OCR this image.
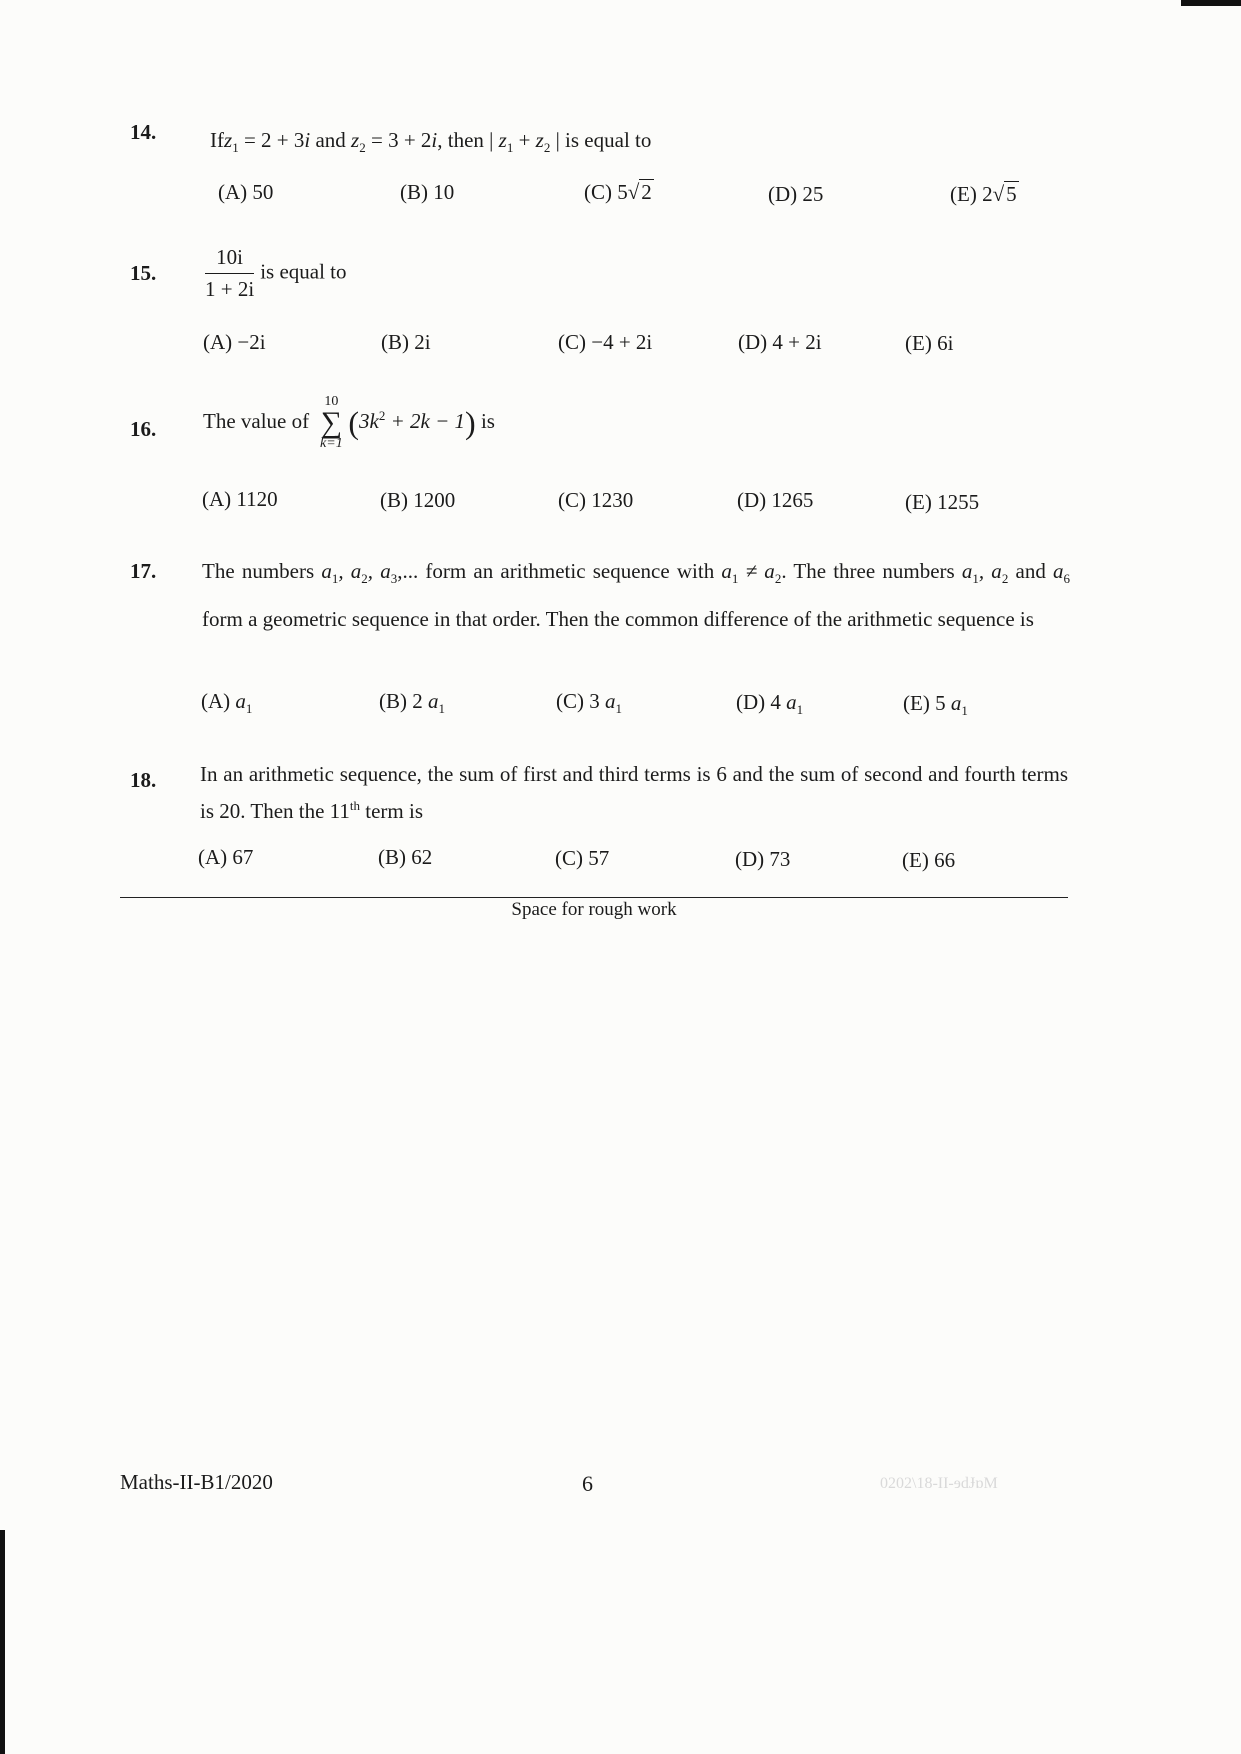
14.	Ifz$_1$ = 2 + 3i and $z_2 = 3 + 2i$, then | $z_1 + z_2$ | is equal to
(A) 50	(B) 10	(C) 5√2	(D) 25	(E) 2√5
15. $\frac{10i}{1 + 2i}$ is equal to
(A) −2i	(B) 2i	(C) −4 + 2i	(D) 4 + 2i	(E) 6i
16. The value of
10
∑
k=1
$(3k^2 + 2k - 1)$ is
(A) 1120	(B) 1200	(C) 1230	(D) 1265	(E) 1255
17. The numbers $a_1$, $a_2$, $a_3$,... form an arithmetic sequence with $a_1 \ne a_2$. The three numbers $a_1$, $a_2$ and $a_6$ form a geometric sequence in that order. Then the common difference of the arithmetic sequence is
(A) $a_1$	(B) 2 $a_1$	(C) 3 $a_1$	(D) 4 $a_1$	(E) 5 $a_1$
18. In an arithmetic sequence, the sum of first and third terms is 6 and the sum of second and fourth terms is 20. Then the 11th term is
(A) 67	(B) 62	(C) 57	(D) 73	(E) 66
Space for rough work
Maths-II-B1/2020	6	0202\18-II-ɘdɈɒM
